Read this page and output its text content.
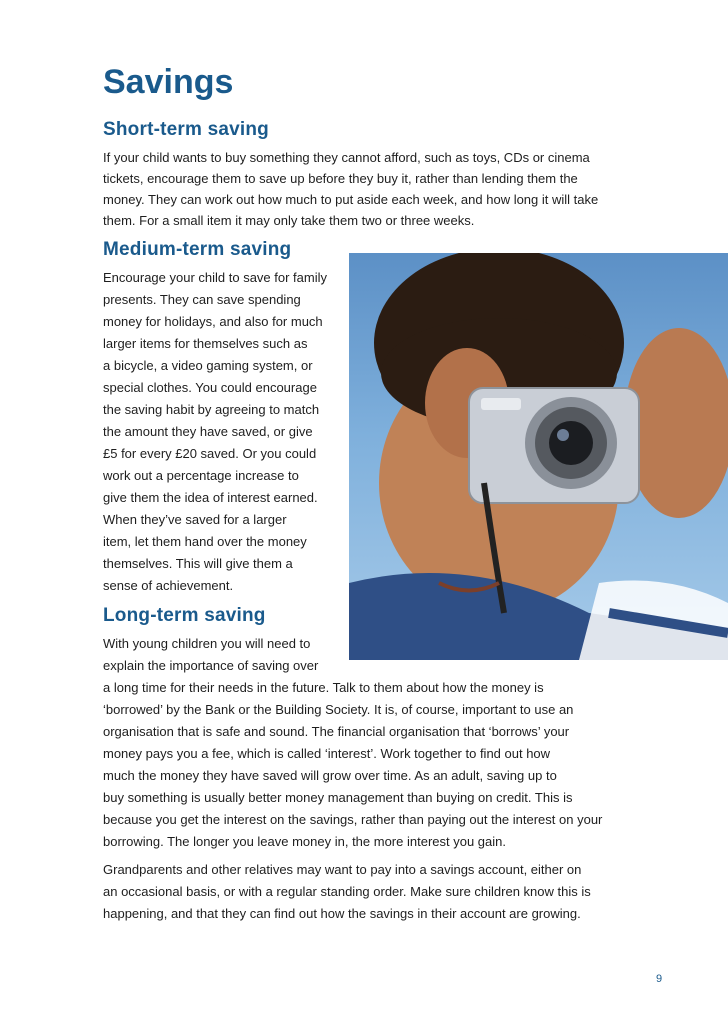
Savings
Short-term saving

If your child wants to buy something they cannot afford, such as toys, CDs or cinema

tickets, encourage them to save up before they buy it, rather than lending them the

money. They can work out how much to put aside each week, and how long it will take

them. For a small item it may only take them two or three weeks.

Medium-term saving

Encourage your child to save for family

presents. They can save spending

money for holidays, and also for much

larger items for themselves such as

a bicycle, a video gaming system, or

special clothes. You could encourage

the saving habit by agreeing to match

the amount they have saved, or give

£5 for every £20 saved. Or you could

work out a percentage increase to

give them the idea of interest earned.

When they’ve saved for a larger

item, let them hand over the money

themselves. This will give them a

sense of achievement.

Long-term saving

With young children you will need to

explain the importance of saving over

a long time for their needs in the future. Talk to them about how the money is

‘borrowed’ by the Bank or the Building Society. It is, of course, important to use an

organisation that is safe and sound. The financial organisation that ‘borrows’ your

money pays you a fee, which is called ‘interest’. Work together to find out how

much the money they have saved will grow over time. As an adult, saving up to

buy something is usually better money management than buying on credit. This is

because you get the interest on the savings, rather than paying out the interest on your

borrowing. The longer you leave money in, the more interest you gain.

Grandparents and other relatives may want to pay into a savings account, either on

an occasional basis, or with a regular standing order. Make sure children know this is

happening, and that they can find out how the savings in their account are growing.

9
